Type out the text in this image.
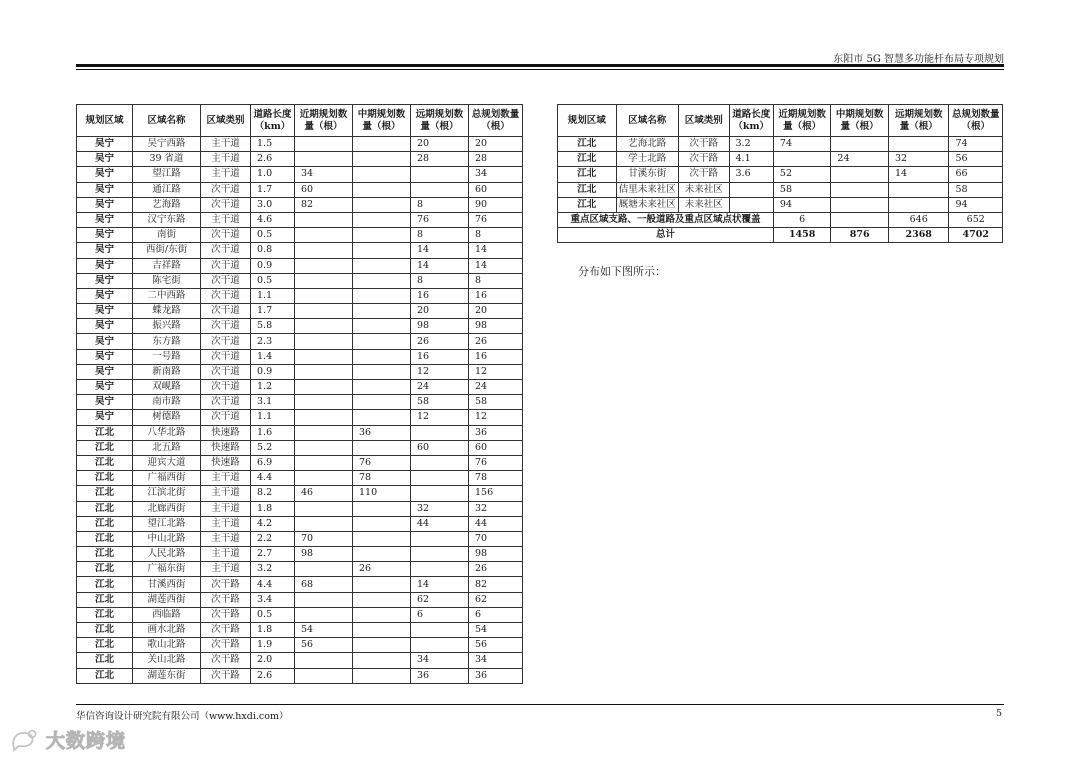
东阳市 5G 智慧多功能杆布局专项规划
规划区域	区域名称	区域类别	道路长度（km）	近期规划数量（根）	中期规划数量（根）	远期规划数量（根）	总规划数量（根）
吴宁	吴宁西路	主干道	1.5			20	20
吴宁	39 省道	主干道	2.6			28	28
吴宁	望江路	主干道	1.0	34			34
吴宁	通江路	次干道	1.7	60			60
吴宁	艺海路	次干道	3.0	82		8	90
吴宁	汉宁东路	主干道	4.6			76	76
吴宁	南街	次干道	0.5			8	8
吴宁	西街/东街	次干道	0.8			14	14
吴宁	吉祥路	次干道	0.9			14	14
吴宁	陈宅街	次干道	0.5			8	8
吴宁	二中西路	次干道	1.1			16	16
吴宁	蝶龙路	次干道	1.7			20	20
吴宁	振兴路	次干道	5.8			98	98
吴宁	东方路	次干道	2.3			26	26
吴宁	一号路	次干道	1.4			16	16
吴宁	新南路	次干道	0.9			12	12
吴宁	双岘路	次干道	1.2			24	24
吴宁	南市路	次干道	3.1			58	58
吴宁	树德路	次干道	1.1			12	12
江北	八华北路	快速路	1.6		36		36
江北	北五路	快速路	5.2			60	60
江北	迎宾大道	快速路	6.9		76		76
江北	广福西街	主干道	4.4		78		78
江北	江滨北街	主干道	8.2	46	110		156
江北	北廊西街	主干道	1.8			32	32
江北	望江北路	主干道	4.2			44	44
江北	中山北路	主干道	2.2	70			70
江北	人民北路	主干道	2.7	98			98
江北	广福东街	主干道	3.2		26		26
江北	甘溪西街	次干路	4.4	68		14	82
江北	湖莲西街	次干路	3.4			62	62
江北	西临路	次干路	0.5			6	6
江北	画水北路	次干路	1.8	54			54
江北	歌山北路	次干路	1.9	56			56
江北	关山北路	次干路	2.0			34	34
江北	湖莲东街	次干路	2.6			36	36
规划区域	区域名称	区域类别	道路长度（km）	近期规划数量（根）	中期规划数量（根）	远期规划数量（根）	总规划数量（根）
江北	艺海北路	次干路	3.2	74			74
江北	学士北路	次干路	4.1		24	32	56
江北	甘溪东街	次干路	3.6	52		14	66
江北	佶里未来社区	未来社区		58			58
江北	厩塘未来社区	未来社区		94			94
重点区域支路、一般道路及重点区域点状覆盖				6		646	652
总计				1458	876	2368	4702
分布如下图所示：
华信咨询设计研究院有限公司（www.hxdi.com）	5
大数跨境
